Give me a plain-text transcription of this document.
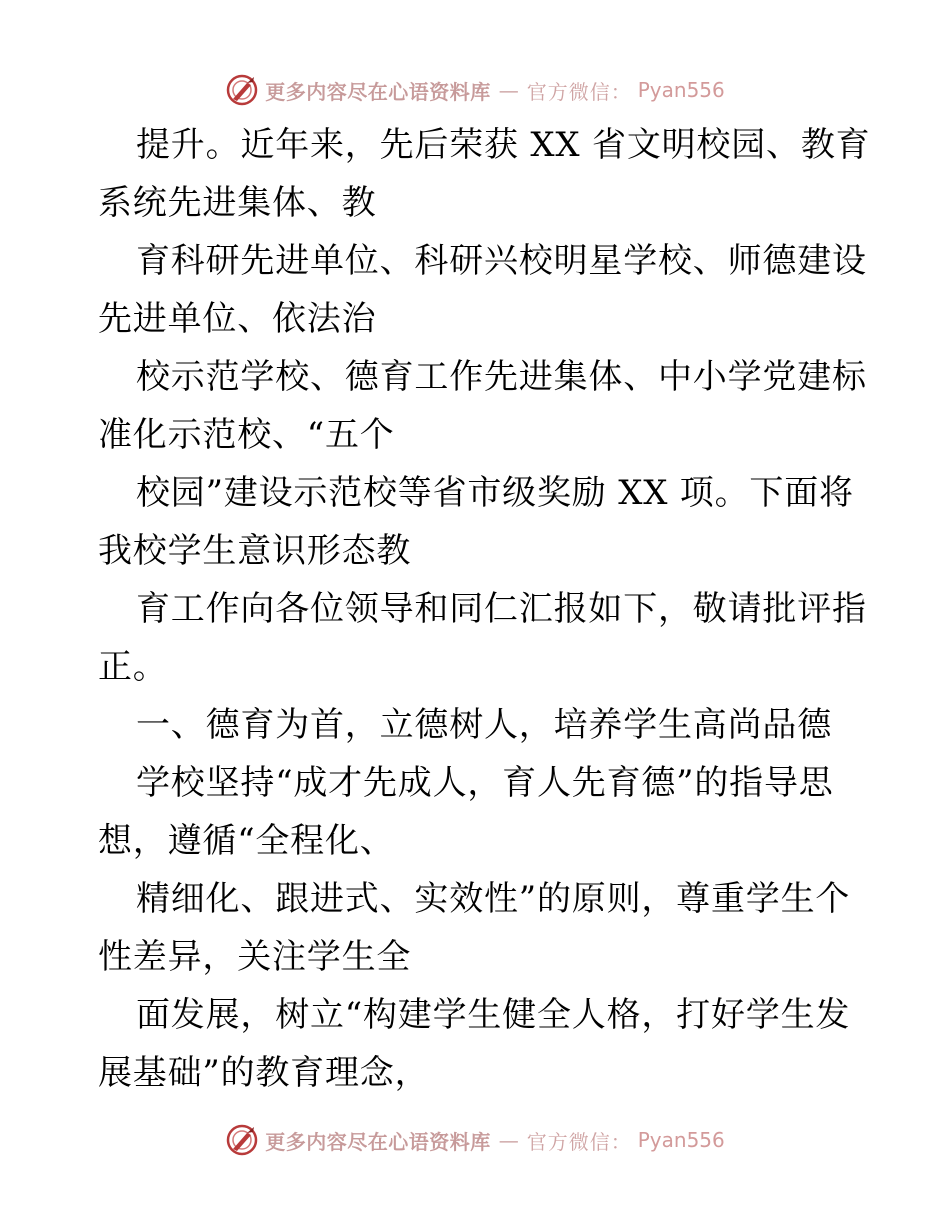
更多内容尽在心语资料库 — 官方微信： Pyan556
提升。近年来，先后荣获 XX 省文明校园、教育
系统先进集体、教
育科研先进单位、科研兴校明星学校、师德建设
先进单位、依法治
校示范学校、德育工作先进集体、中小学党建标
准化示范校、“五个
校园”建设示范校等省市级奖励 XX 项。下面将
我校学生意识形态教
育工作向各位领导和同仁汇报如下，敬请批评指
正。
一、德育为首，立德树人，培养学生高尚品德
学校坚持“成才先成人，育人先育德”的指导思
想，遵循“全程化、
精细化、跟进式、实效性”的原则，尊重学生个
性差异，关注学生全
面发展，树立“构建学生健全人格，打好学生发
展基础”的教育理念，
更多内容尽在心语资料库 — 官方微信： Pyan556
